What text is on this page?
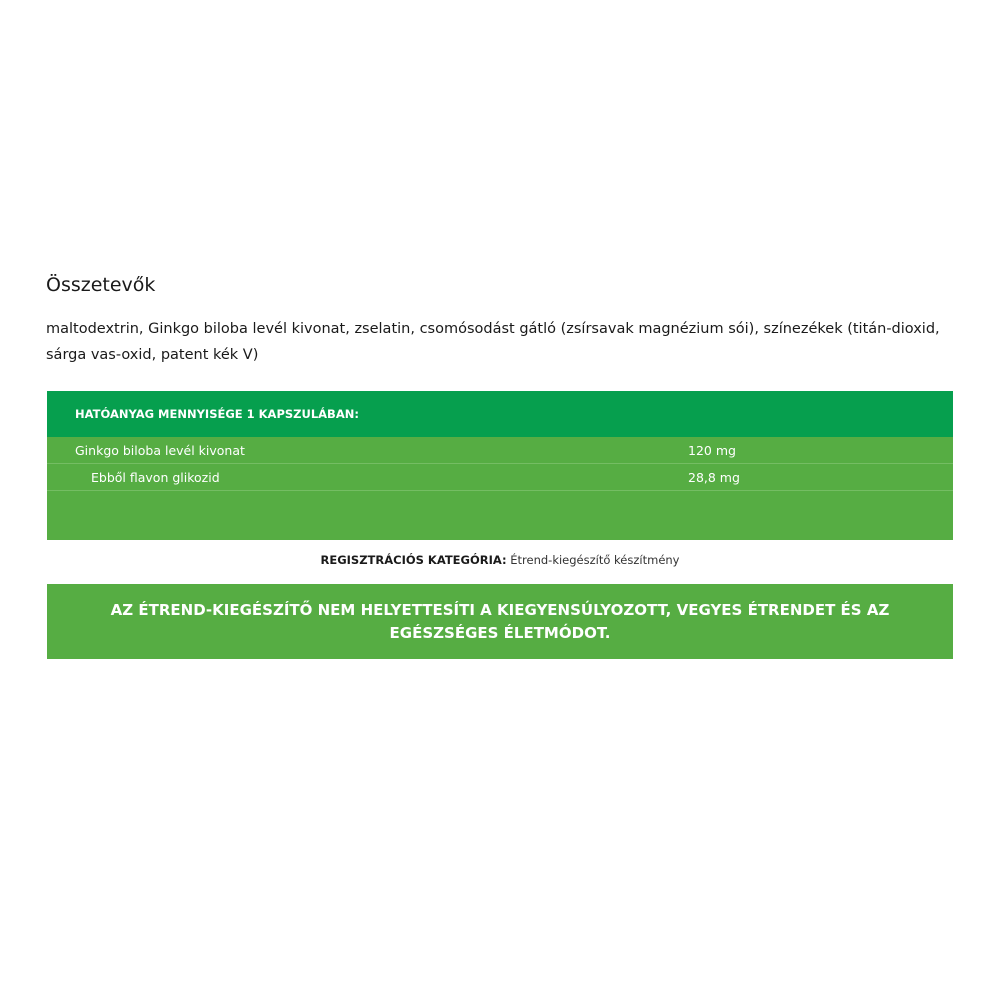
Összetevők

maltodextrin, Ginkgo biloba levél kivonat, zselatin, csomósodást gátló (zsírsavak magnézium sói), színezékek (titán-dioxid, sárga vas-oxid, patent kék V)

HATÓANYAG MENNYISÉGE 1 KAPSZULÁBAN:
Ginkgo biloba levél kivonat	120 mg
Ebből flavon glikozid	28,8 mg
REGISZTRÁCIÓS KATEGÓRIA: Étrend-kiegészítő készítmény
AZ ÉTREND-KIEGÉSZÍTŐ NEM HELYETTESÍTI A KIEGYENSÚLYOZOTT, VEGYES ÉTRENDET ÉS AZ EGÉSZSÉGES ÉLETMÓDOT.
